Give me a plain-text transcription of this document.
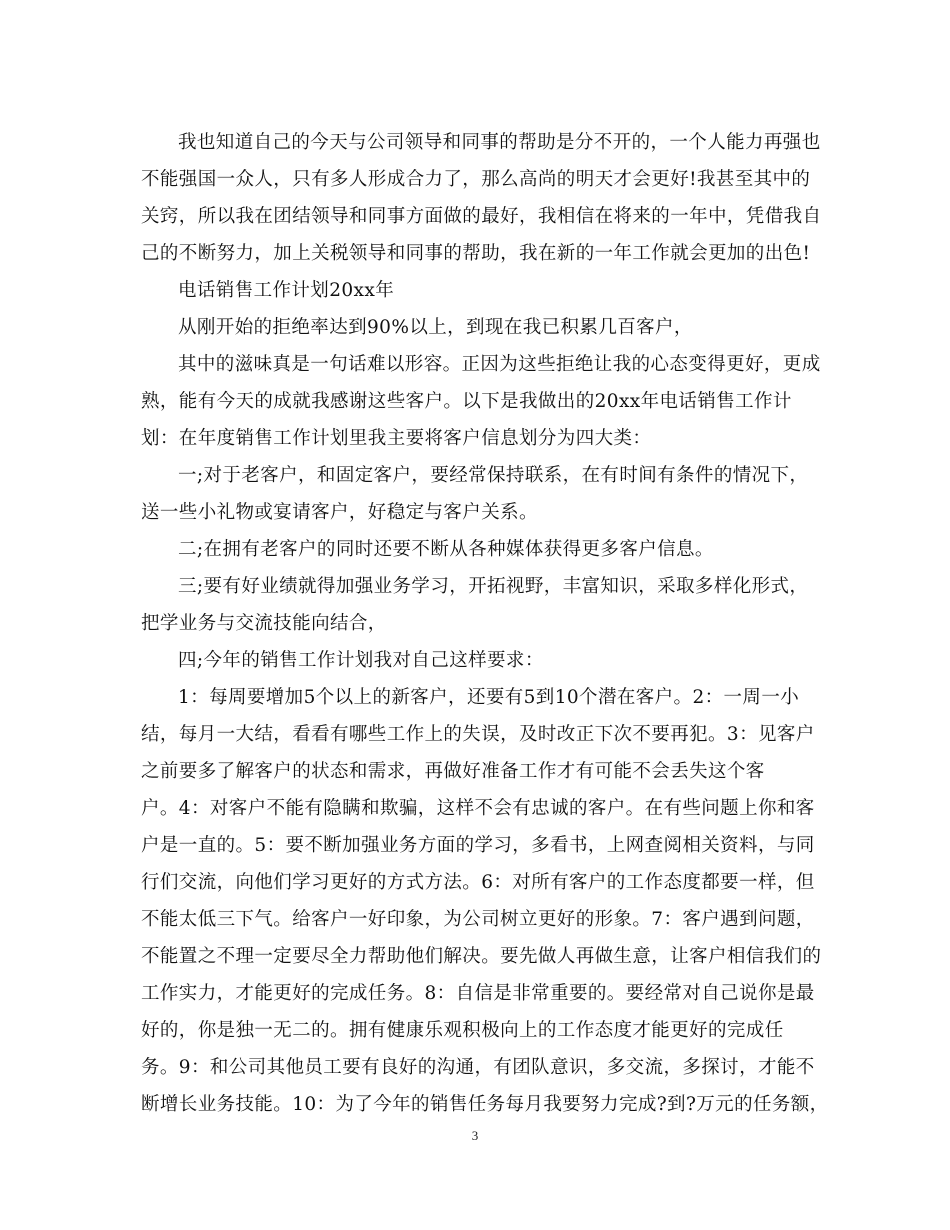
我也知道自己的今天与公司领导和同事的帮助是分不开的，一个人能力再强也
不能强国一众人，只有多人形成合力了，那么高尚的明天才会更好!我甚至其中的
关窍，所以我在团结领导和同事方面做的最好，我相信在将来的一年中，凭借我自
己的不断努力，加上关税领导和同事的帮助，我在新的一年工作就会更加的出色!
电话销售工作计划20xx年
从刚开始的拒绝率达到90%以上，到现在我已积累几百客户，
其中的滋味真是一句话难以形容。正因为这些拒绝让我的心态变得更好，更成
熟，能有今天的成就我感谢这些客户。以下是我做出的20xx年电话销售工作计
划：在年度销售工作计划里我主要将客户信息划分为四大类：
一;对于老客户，和固定客户，要经常保持联系，在有时间有条件的情况下，
送一些小礼物或宴请客户，好稳定与客户关系。
二;在拥有老客户的同时还要不断从各种媒体获得更多客户信息。
三;要有好业绩就得加强业务学习，开拓视野，丰富知识，采取多样化形式，
把学业务与交流技能向结合，
四;今年的销售工作计划我对自己这样要求：
1：每周要增加5个以上的新客户，还要有5到10个潜在客户。2：一周一小
结，每月一大结，看看有哪些工作上的失误，及时改正下次不要再犯。3：见客户
之前要多了解客户的状态和需求，再做好准备工作才有可能不会丢失这个客
户。4：对客户不能有隐瞒和欺骗，这样不会有忠诚的客户。在有些问题上你和客
户是一直的。5：要不断加强业务方面的学习，多看书，上网查阅相关资料，与同
行们交流，向他们学习更好的方式方法。6：对所有客户的工作态度都要一样，但
不能太低三下气。给客户一好印象，为公司树立更好的形象。7：客户遇到问题，
不能置之不理一定要尽全力帮助他们解决。要先做人再做生意，让客户相信我们的
工作实力，才能更好的完成任务。8：自信是非常重要的。要经常对自己说你是最
好的，你是独一无二的。拥有健康乐观积极向上的工作态度才能更好的完成任
务。9：和公司其他员工要有良好的沟通，有团队意识，多交流，多探讨，才能不
断增长业务技能。10：为了今年的销售任务每月我要努力完成?到?万元的任务额，
3
